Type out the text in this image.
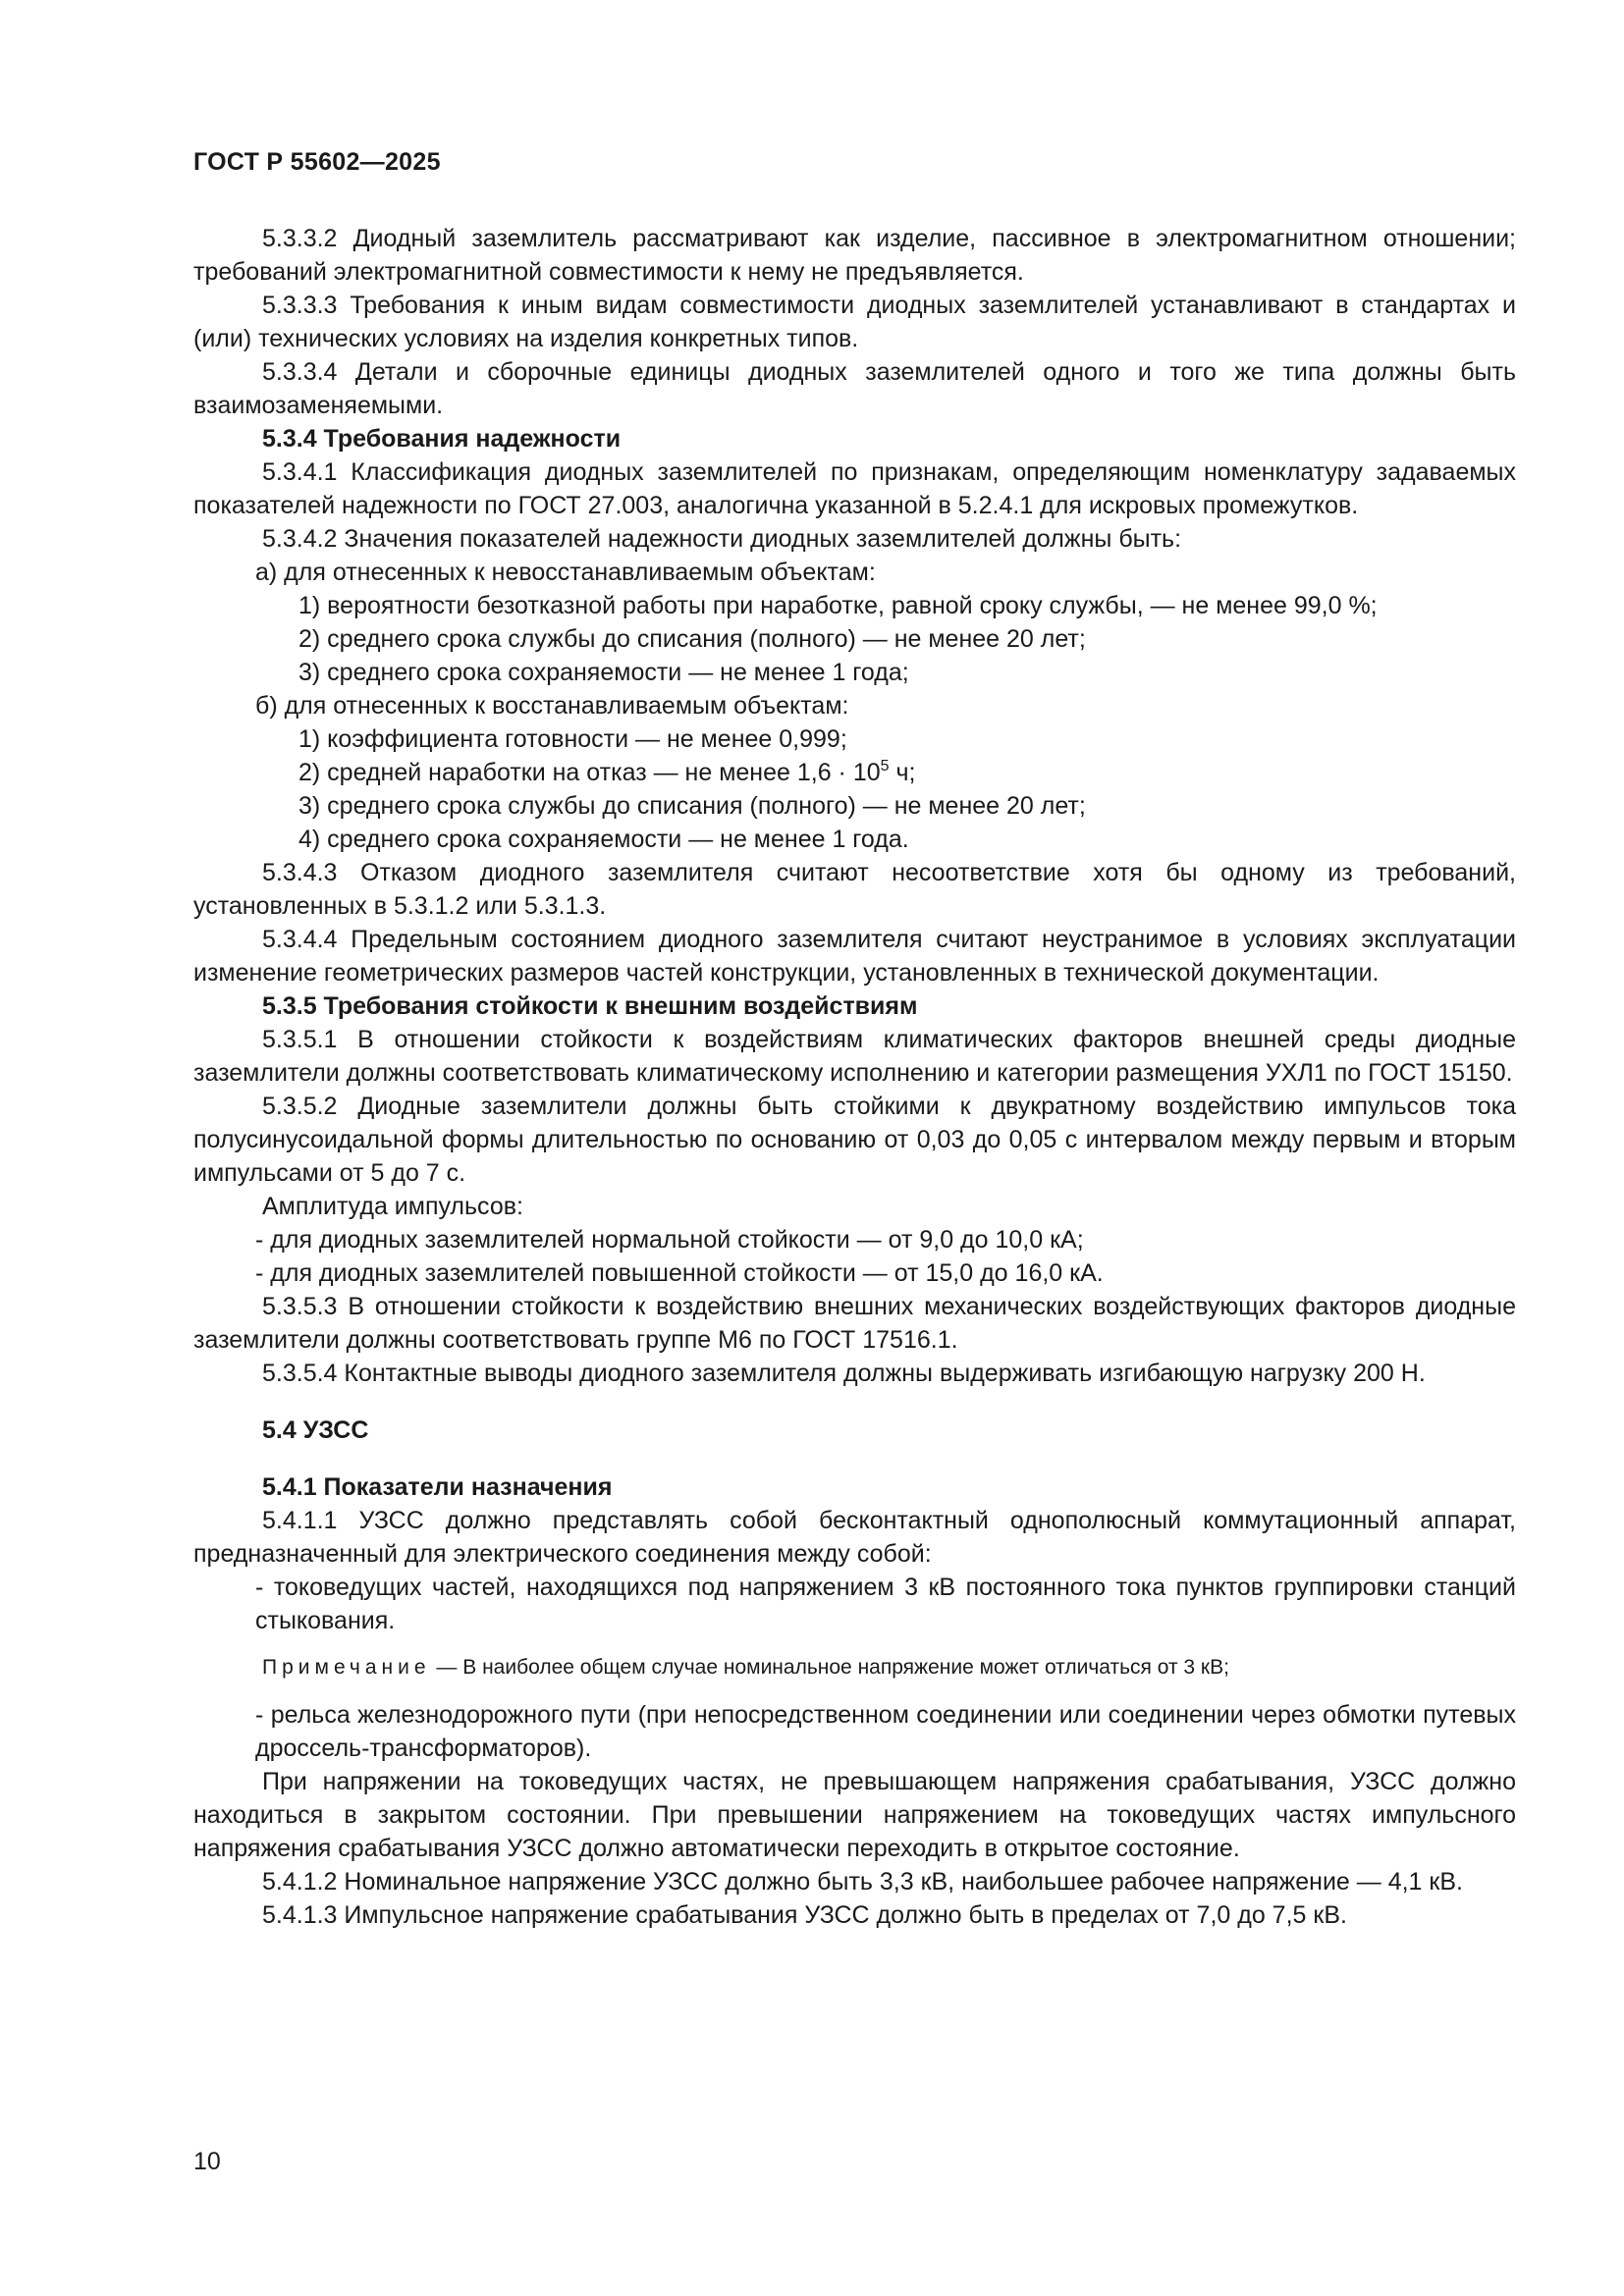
ГОСТ Р 55602—2025

5.3.3.2 Диодный заземлитель рассматривают как изделие, пассивное в электромагнитном отношении; требований электромагнитной совместимости к нему не предъявляется.

5.3.3.3 Требования к иным видам совместимости диодных заземлителей устанавливают в стандартах и (или) технических условиях на изделия конкретных типов.

5.3.3.4 Детали и сборочные единицы диодных заземлителей одного и того же типа должны быть взаимозаменяемыми.

5.3.4 Требования надежности

5.3.4.1 Классификация диодных заземлителей по признакам, определяющим номенклатуру задаваемых показателей надежности по ГОСТ 27.003, аналогична указанной в 5.2.4.1 для искровых промежутков.

5.3.4.2 Значения показателей надежности диодных заземлителей должны быть:

а) для отнесенных к невосстанавливаемым объектам:

1) вероятности безотказной работы при наработке, равной сроку службы, — не менее 99,0 %;

2) среднего срока службы до списания (полного) — не менее 20 лет;

3) среднего срока сохраняемости — не менее 1 года;

б) для отнесенных к восстанавливаемым объектам:

1) коэффициента готовности — не менее 0,999;

2) средней наработки на отказ — не менее $1,6 \cdot 10^5$ ч;

3) среднего срока службы до списания (полного) — не менее 20 лет;

4) среднего срока сохраняемости — не менее 1 года.

5.3.4.3 Отказом диодного заземлителя считают несоответствие хотя бы одному из требований, установленных в 5.3.1.2 или 5.3.1.3.

5.3.4.4 Предельным состоянием диодного заземлителя считают неустранимое в условиях эксплуатации изменение геометрических размеров частей конструкции, установленных в технической документации.

5.3.5 Требования стойкости к внешним воздействиям

5.3.5.1 В отношении стойкости к воздействиям климатических факторов внешней среды диодные заземлители должны соответствовать климатическому исполнению и категории размещения УХЛ1 по ГОСТ 15150.

5.3.5.2 Диодные заземлители должны быть стойкими к двукратному воздействию импульсов тока полусинусоидальной формы длительностью по основанию от 0,03 до 0,05 с интервалом между первым и вторым импульсами от 5 до 7 с.

Амплитуда импульсов:

- для диодных заземлителей нормальной стойкости — от 9,0 до 10,0 кА;

- для диодных заземлителей повышенной стойкости — от 15,0 до 16,0 кА.

5.3.5.3 В отношении стойкости к воздействию внешних механических воздействующих факторов диодные заземлители должны соответствовать группе М6 по ГОСТ 17516.1.

5.3.5.4 Контактные выводы диодного заземлителя должны выдерживать изгибающую нагрузку 200 Н.

5.4 УЗСС

5.4.1 Показатели назначения

5.4.1.1 УЗСС должно представлять собой бесконтактный однополюсный коммутационный аппарат, предназначенный для электрического соединения между собой:

- токоведущих частей, находящихся под напряжением 3 кВ постоянного тока пунктов группировки станций стыкования.

Примечание — В наиболее общем случае номинальное напряжение может отличаться от 3 кВ;

- рельса железнодорожного пути (при непосредственном соединении или соединении через обмотки путевых дроссель-трансформаторов).

При напряжении на токоведущих частях, не превышающем напряжения срабатывания, УЗСС должно находиться в закрытом состоянии. При превышении напряжением на токоведущих частях импульсного напряжения срабатывания УЗСС должно автоматически переходить в открытое состояние.

5.4.1.2 Номинальное напряжение УЗСС должно быть 3,3 кВ, наибольшее рабочее напряжение — 4,1 кВ.

5.4.1.3 Импульсное напряжение срабатывания УЗСС должно быть в пределах от 7,0 до 7,5 кВ.

10
